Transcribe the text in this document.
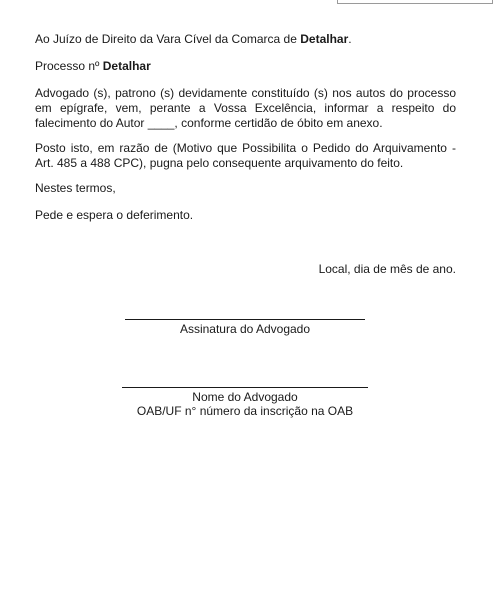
Ao Juízo de Direito da Vara Cível da Comarca de Detalhar.

Processo nº Detalhar

Advogado (s), patrono (s) devidamente constituído (s) nos autos do processo em epígrafe, vem, perante a Vossa Excelência, informar a respeito do falecimento do Autor ____, conforme certidão de óbito em anexo.

Posto isto, em razão de (Motivo que Possibilita o Pedido do Arquivamento - Art. 485 a 488 CPC), pugna pelo consequente arquivamento do feito.

Nestes termos,

Pede e espera o deferimento.

Local, dia de mês de ano.

Assinatura do Advogado
Nome do Advogado
OAB/UF n° número da inscrição na OAB
